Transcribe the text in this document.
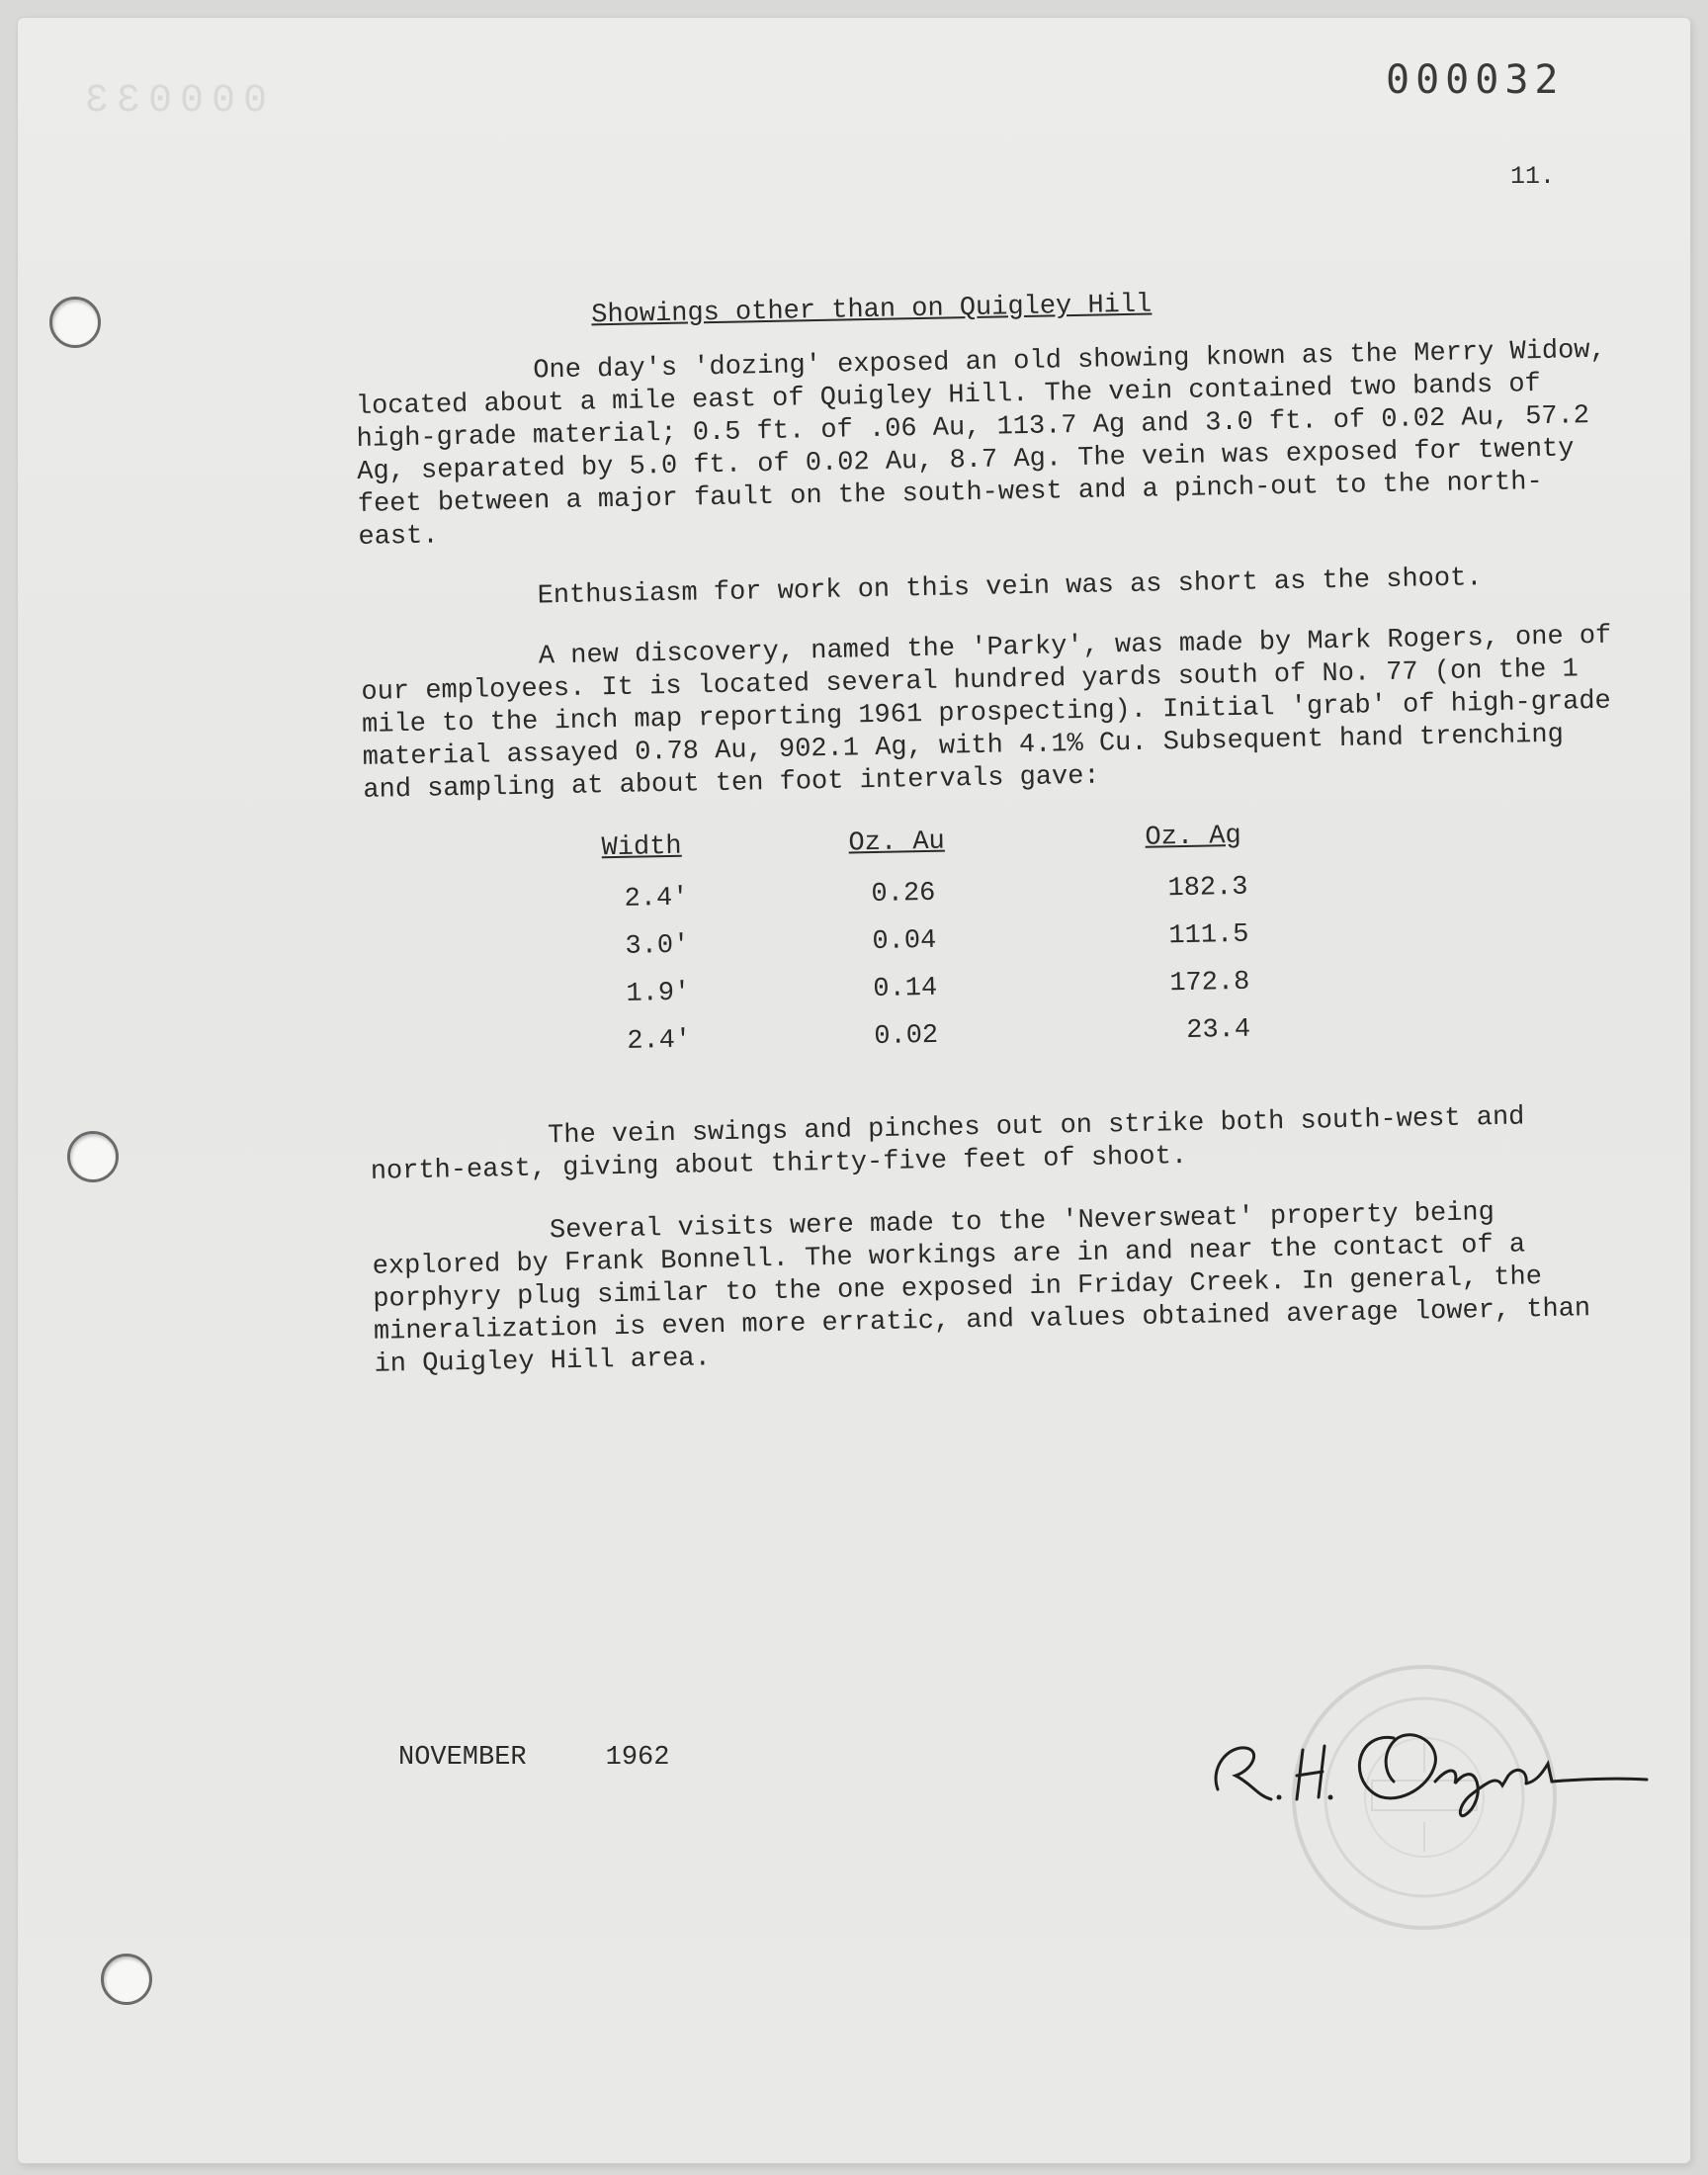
000033	000032
11.
Showings other than on Quigley Hill

One day's 'dozing' exposed an old showing known as the Merry Widow, located about a mile east of Quigley Hill. The vein contained two bands of high-grade material; 0.5 ft. of .06 Au, 113.7 Ag and 3.0 ft. of 0.02 Au, 57.2 Ag, separated by 5.0 ft. of 0.02 Au, 8.7 Ag. The vein was exposed for twenty feet between a major fault on the south-west and a pinch-out to the north-east.

Enthusiasm for work on this vein was as short as the shoot.

A new discovery, named the 'Parky', was made by Mark Rogers, one of our employees. It is located several hundred yards south of No. 77 (on the 1 mile to the inch map reporting 1961 prospecting). Initial 'grab' of high-grade material assayed 0.78 Au, 902.1 Ag, with 4.1% Cu. Subsequent hand trenching and sampling at about ten foot intervals gave:

Width	Oz. Au	Oz. Ag
2.4'	0.26	182.3
3.0'	0.04	111.5
1.9'	0.14	172.8
2.4'	0.02	23.4

The vein swings and pinches out on strike both south-west and north-east, giving about thirty-five feet of shoot.

Several visits were made to the 'Neversweat' property being explored by Frank Bonnell. The workings are in and near the contact of a porphyry plug similar to the one exposed in Friday Creek. In general, the mineralization is even more erratic, and values obtained average lower, than in Quigley Hill area.

NOVEMBER	1962
